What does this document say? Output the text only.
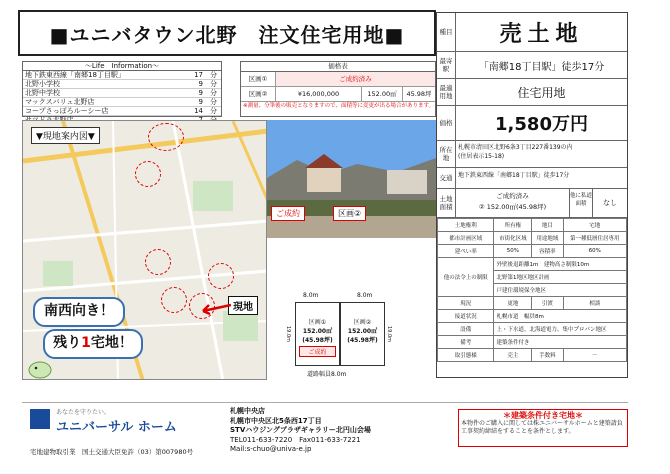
■ユニバタウン北野　注文住宅用地■
〜Life　Information〜
地下鉄東西線「南郷18丁目駅」	17　 分
北野小学校	9　 分
北野中学校	9　 分
マックスバリュ北野店	9　 分
コープさっぽろルーシー店	14　 分

価格表
区画①	ご成約済み
区画②	¥16,000,000	152.00㎡	45.98坪
※測量、分筆後の販売となりますので、面積等に変更が出る場合があります。
▼現地案内図▼
現地
南西向き！
残り1宅地！
ご成約	区画②
8.0m	8.0m
区画①
152.00㎡
(45.98坪)
ご成約
区画②
152.00㎡
(45.98坪)
19.0m	19.0m
道路幅員8.0m
種目	売土地
最寄駅	「南郷18丁目駅」徒歩17分
最適用地	住宅用地
価格	1,580万円
所在地
札幌市清田区北野6条3丁目227番139の内
(住居表示15-18)
交通 地下鉄東西線「南郷18丁目駅」徒歩17分
土地面積
ご成約済み
② 152.00㎡(45.98坪)
他に私道面積	なし
土地権利	所有権	地目	宅地
都市計画区域	市街化区域	用途地域	第一種低層住居専用
建ぺい率	50%	容積率	60%
他の法令上の制限	外壁後退距離1m　建物高さ制限10m		
	北野第1地区地区計画		
	戸建住環境保全地区		
現況	更地	引渡	相談
接道状況	札幌市道　幅員8m		
設備	上・下水道、北海道電力、集中プロパン地区		
備考	建築条件付き		
取引態様	売主	手数料	－
あなたを守りたい。
ユニバーサル ホーム
宅地建物取引業　国土交通大臣免許（03）第007980号
札幌中央店
札幌市中央区北5条西17丁目
STVハウジングプラザギャラリー北円山会場
TEL011-633-7220　Fax011-633-7221
Mail:s-chuo@univa-e.jp
＊建築条件付き宅地＊
本物件のご購入に関しては株ユニバーサルホームと建築請負工事契約締結をすることを条件とします。
